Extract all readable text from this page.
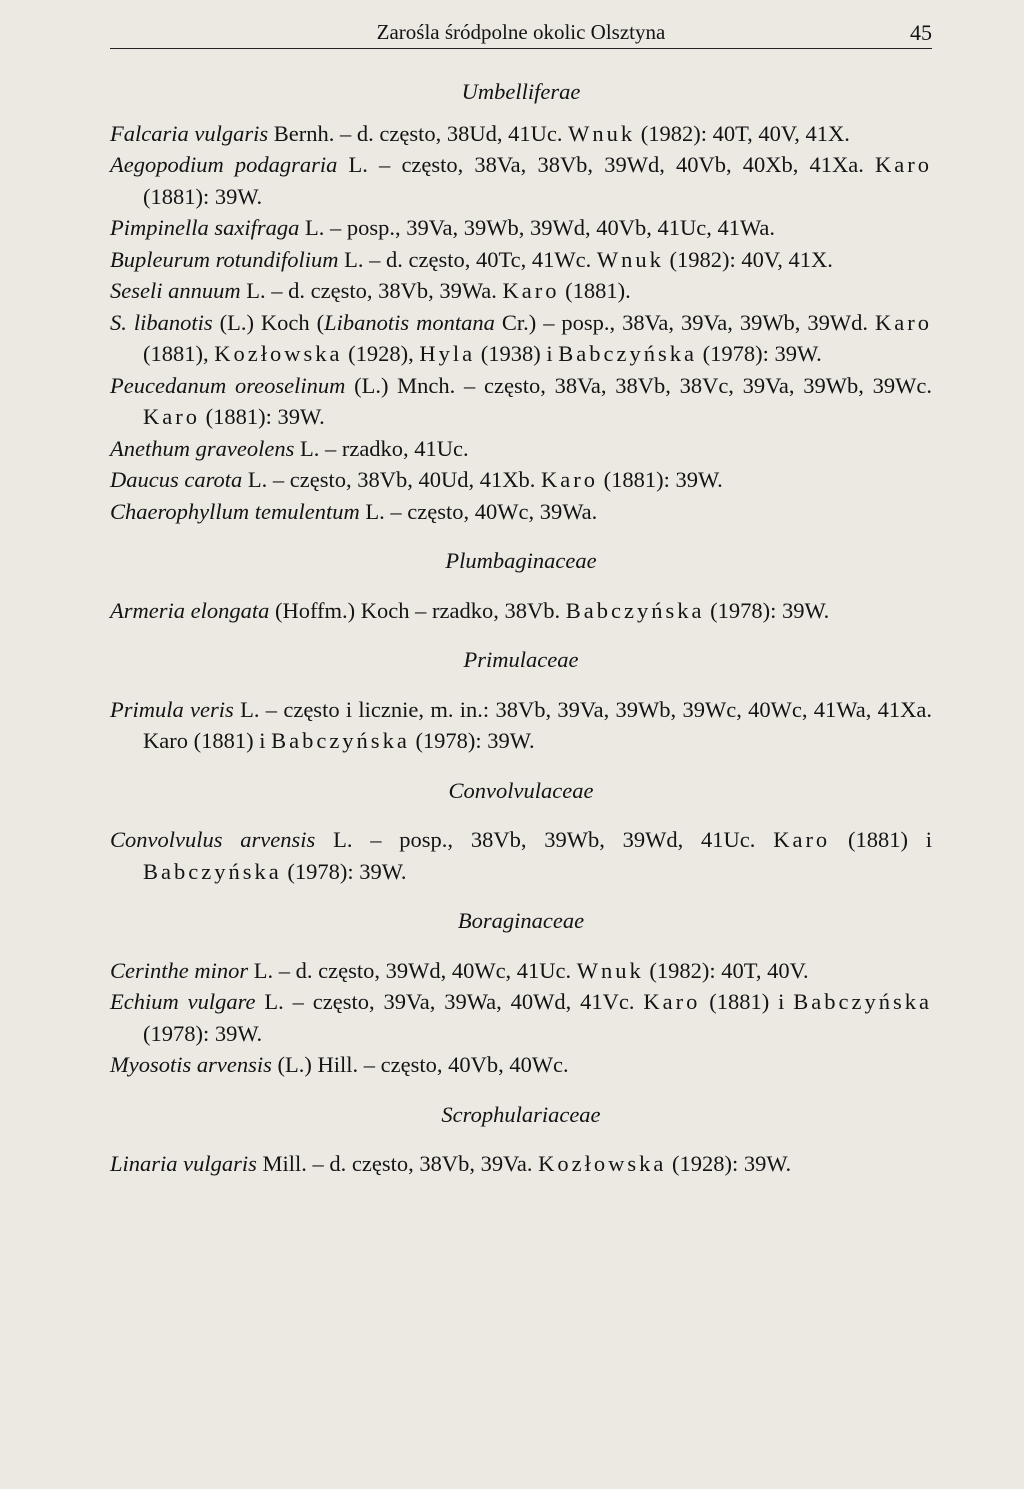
Zarośla śródpolne okolic Olsztyna	45

Umbelliferae

Falcaria vulgaris Bernh. – d. często, 38Ud, 41Uc. Wnuk (1982): 40T, 40V, 41X.

Aegopodium podagraria L. – często, 38Va, 38Vb, 39Wd, 40Vb, 40Xb, 41Xa. Karo (1881): 39W.

Pimpinella saxifraga L. – posp., 39Va, 39Wb, 39Wd, 40Vb, 41Uc, 41Wa.

Bupleurum rotundifolium L. – d. często, 40Tc, 41Wc. Wnuk (1982): 40V, 41X.

Seseli annuum L. – d. często, 38Vb, 39Wa. Karo (1881).

S. libanotis (L.) Koch (Libanotis montana Cr.) – posp., 38Va, 39Va, 39Wb, 39Wd. Karo (1881), Kozłowska (1928), Hyla (1938) i Babczyńska (1978): 39W.

Peucedanum oreoselinum (L.) Mnch. – często, 38Va, 38Vb, 38Vc, 39Va, 39Wb, 39Wc. Karo (1881): 39W.

Anethum graveolens L. – rzadko, 41Uc.

Daucus carota L. – często, 38Vb, 40Ud, 41Xb. Karo (1881): 39W.

Chaerophyllum temulentum L. – często, 40Wc, 39Wa.

Plumbaginaceae

Armeria elongata (Hoffm.) Koch – rzadko, 38Vb. Babczyńska (1978): 39W.

Primulaceae

Primula veris L. – często i licznie, m. in.: 38Vb, 39Va, 39Wb, 39Wc, 40Wc, 41Wa, 41Xa. Karo (1881) i Babczyńska (1978): 39W.

Convolvulaceae

Convolvulus arvensis L. – posp., 38Vb, 39Wb, 39Wd, 41Uc. Karo (1881) i Babczyńska (1978): 39W.

Boraginaceae

Cerinthe minor L. – d. często, 39Wd, 40Wc, 41Uc. Wnuk (1982): 40T, 40V.

Echium vulgare L. – często, 39Va, 39Wa, 40Wd, 41Vc. Karo (1881) i Babczyńska (1978): 39W.

Myosotis arvensis (L.) Hill. – często, 40Vb, 40Wc.

Scrophulariaceae

Linaria vulgaris Mill. – d. często, 38Vb, 39Va. Kozłowska (1928): 39W.
